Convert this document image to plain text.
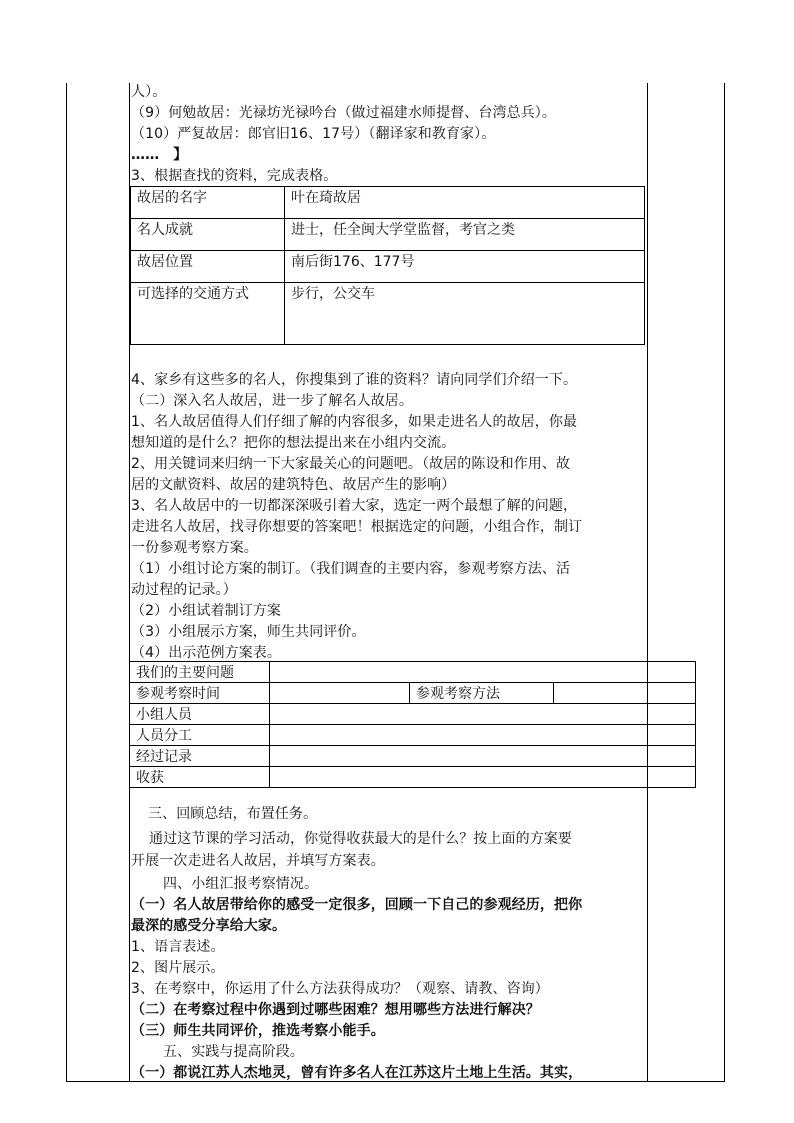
人）。
（9）何勉故居：光禄坊光禄吟台（做过福建水师提督、台湾总兵）。
（10）严复故居：郎官旧16、17号）（翻译家和教育家）。
……　】
3、根据查找的资料，完成表格。
故居的名字	叶在琦故居
名人成就	进士，任全闽大学堂监督，考官之类
故居位置	南后街176、177号
可选择的交通方式	步行，公交车
4、家乡有这些多的名人，你搜集到了谁的资料？请向同学们介绍一下。
（二）深入名人故居，进一步了解名人故居。
1、名人故居值得人们仔细了解的内容很多，如果走进名人的故居，你最
想知道的是什么？把你的想法提出来在小组内交流。
2、用关键词来归纳一下大家最关心的问题吧。（故居的陈设和作用、故
居的文献资料、故居的建筑特色、故居产生的影响）
3、名人故居中的一切都深深吸引着大家，选定一两个最想了解的问题，
走进名人故居，找寻你想要的答案吧！根据选定的问题，小组合作，制订
一份参观考察方案。
（1）小组讨论方案的制订。（我们调查的主要内容，参观考察方法、活
动过程的记录。）
（2）小组试着制订方案
（3）小组展示方案，师生共同评价。
（4）出示范例方案表。
我们的主要问题			
参观考察时间		参观考察方法	
小组人员			
人员分工			
经过记录			
收获			
三、回顾总结，布置任务。
通过这节课的学习活动，你觉得收获最大的是什么？按上面的方案要
开展一次走进名人故居，并填写方案表。
四、小组汇报考察情况。
（一）名人故居带给你的感受一定很多，回顾一下自己的参观经历，把你
最深的感受分享给大家。
1、语言表述。
2、图片展示。
3、在考察中，你运用了什么方法获得成功？（观察、请教、咨询）
（二）在考察过程中你遇到过哪些困难？想用哪些方法进行解决？
（三）师生共同评价，推选考察小能手。
五、实践与提高阶段。
（一）都说江苏人杰地灵，曾有许多名人在江苏这片土地上生活。其实，
